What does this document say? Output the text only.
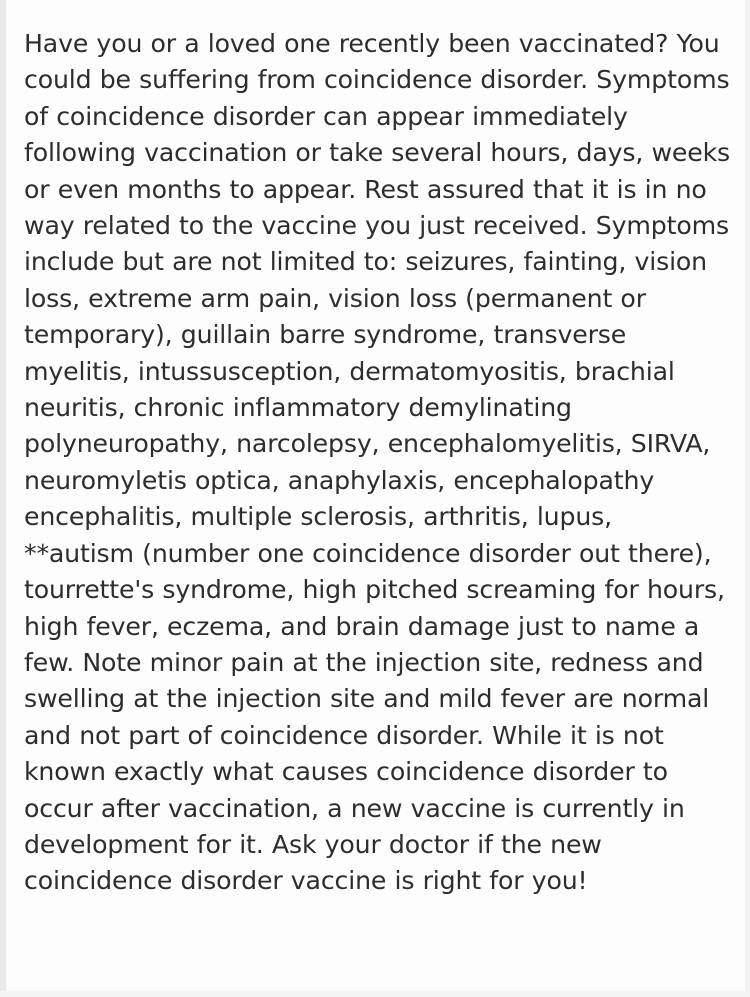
Have you or a loved one recently been vaccinated? You could be suffering from coincidence disorder. Symptoms of coincidence disorder can appear immediately following vaccination or take several hours, days, weeks or even months to appear. Rest assured that it is in no way related to the vaccine you just received. Symptoms include but are not limited to: seizures, fainting, vision loss, extreme arm pain, vision loss (permanent or temporary), guillain barre syndrome, transverse myelitis, intussusception, dermatomyositis, brachial neuritis, chronic inflammatory demylinating polyneuropathy, narcolepsy, encephalomyelitis, SIRVA, neuromyletis optica, anaphylaxis, encephalopathy encephalitis, multiple sclerosis, arthritis, lupus, **autism (number one coincidence disorder out there), tourrette's syndrome, high pitched screaming for hours, high fever, eczema, and brain damage just to name a few. Note minor pain at the injection site, redness and swelling at the injection site and mild fever are normal and not part of coincidence disorder. While it is not known exactly what causes coincidence disorder to occur after vaccination, a new vaccine is currently in development for it. Ask your doctor if the new coincidence disorder vaccine is right for you!
